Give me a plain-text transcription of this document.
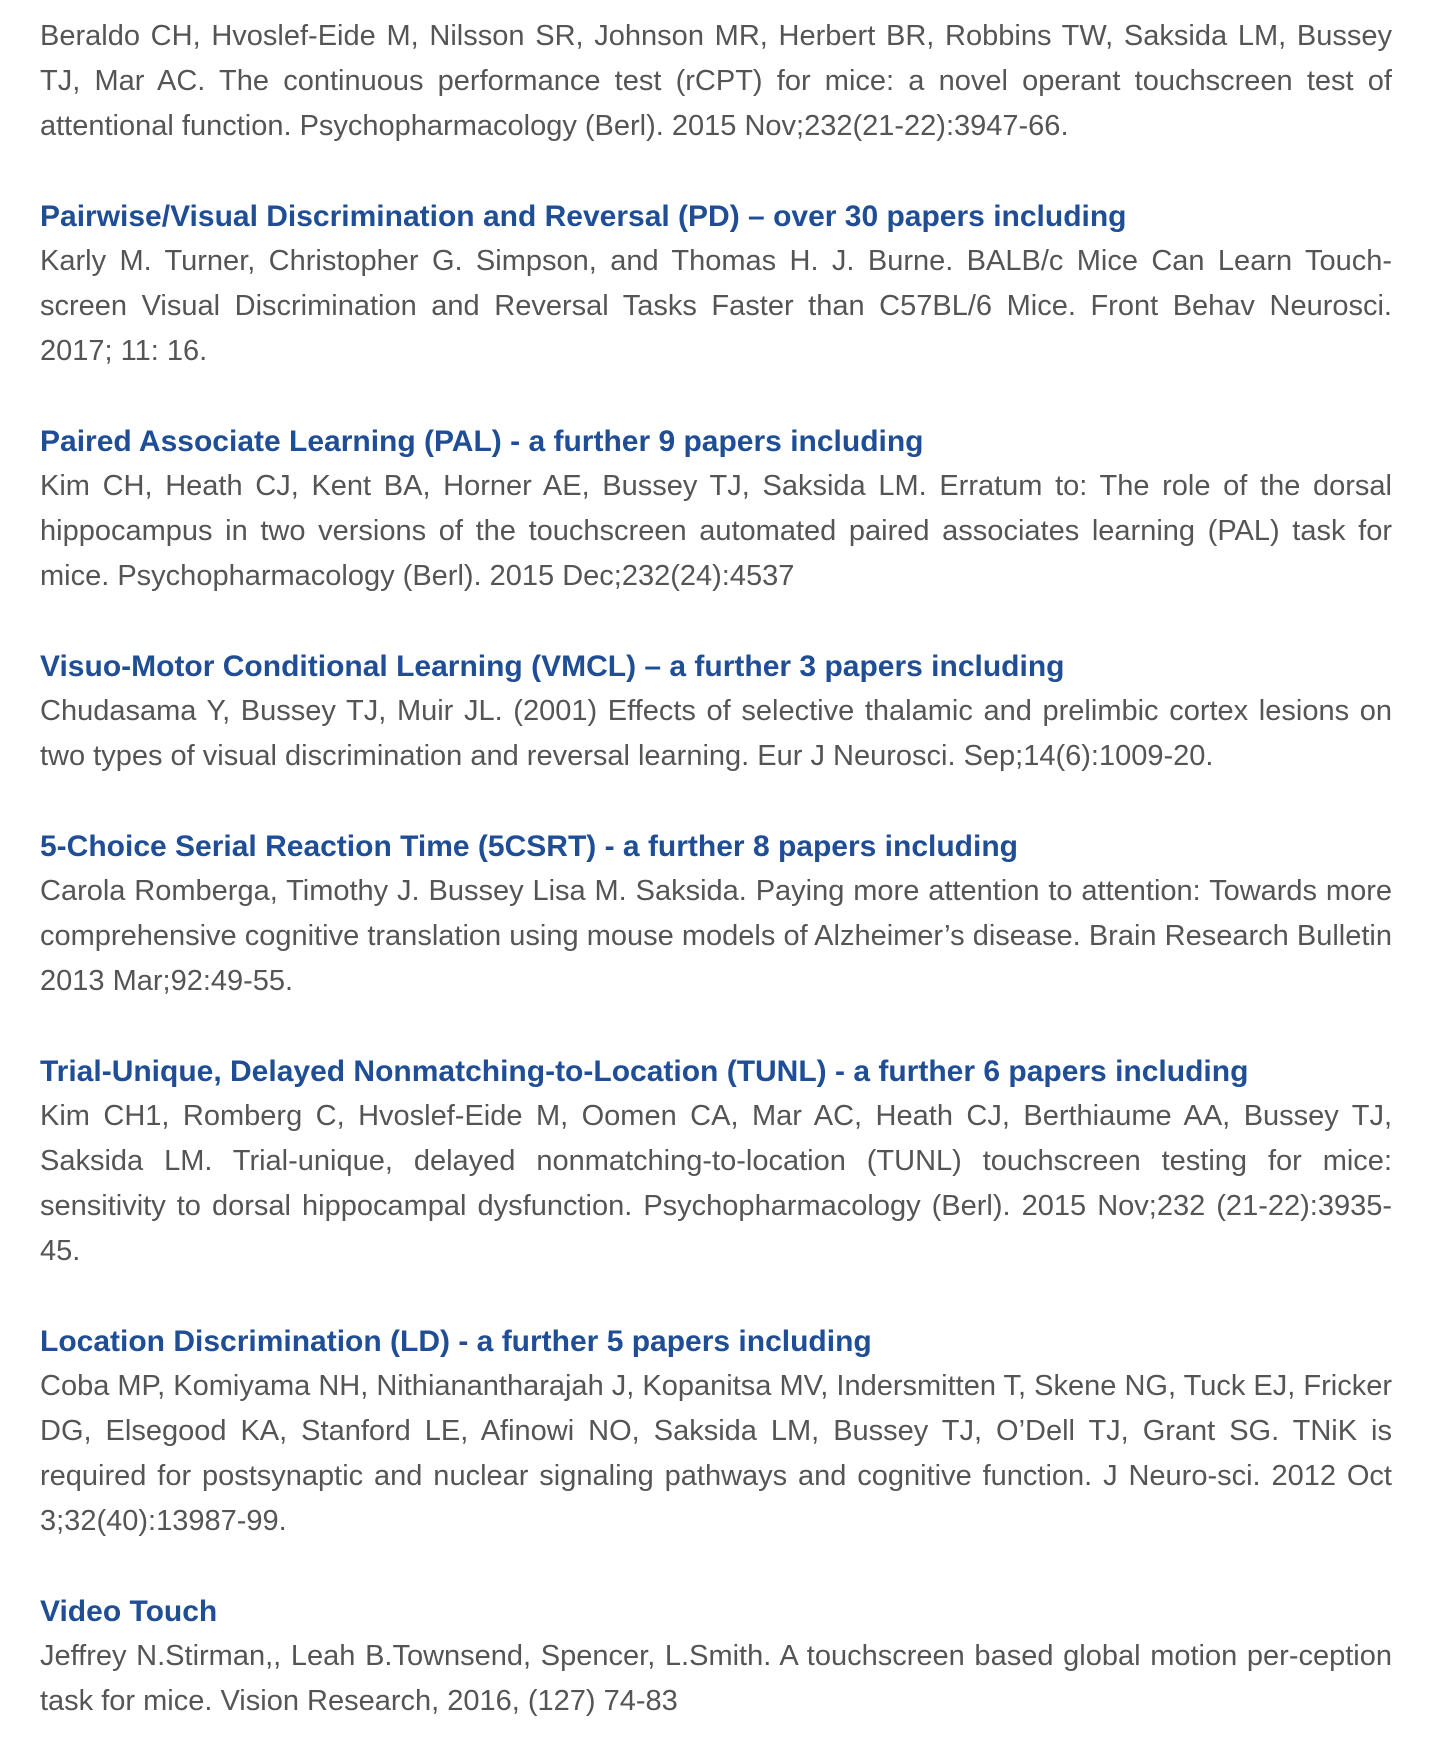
Beraldo CH, Hvoslef-Eide M, Nilsson SR, Johnson MR, Herbert BR, Robbins TW, Saksida LM, Bussey TJ, Mar AC. The continuous performance test (rCPT) for mice: a novel operant touchscreen test of attentional function. Psychopharmacology (Berl). 2015 Nov;232(21-22):3947-66.

Pairwise/Visual Discrimination and Reversal (PD) – over 30 papers including

Karly M. Turner, Christopher G. Simpson, and Thomas H. J. Burne. BALB/c Mice Can Learn Touch-screen Visual Discrimination and Reversal Tasks Faster than C57BL/6 Mice. Front Behav Neurosci. 2017; 11: 16.

Paired Associate Learning (PAL) - a further 9 papers including

Kim CH, Heath CJ, Kent BA, Horner AE, Bussey TJ, Saksida LM. Erratum to: The role of the dorsal hippocampus in two versions of the touchscreen automated paired associates learning (PAL) task for mice. Psychopharmacology (Berl). 2015 Dec;232(24):4537

Visuo-Motor Conditional Learning (VMCL) – a further 3 papers including

Chudasama Y, Bussey TJ, Muir JL. (2001) Effects of selective thalamic and prelimbic cortex lesions on two types of visual discrimination and reversal learning. Eur J Neurosci. Sep;14(6):1009-20.

5-Choice Serial Reaction Time (5CSRT) - a further 8 papers including

Carola Romberga, Timothy J. Bussey Lisa M. Saksida. Paying more attention to attention: Towards more comprehensive cognitive translation using mouse models of Alzheimer’s disease. Brain Research Bulletin 2013 Mar;92:49-55.

Trial-Unique, Delayed Nonmatching-to-Location (TUNL) - a further 6 papers including

Kim CH1, Romberg C, Hvoslef-Eide M, Oomen CA, Mar AC, Heath CJ, Berthiaume AA, Bussey TJ, Saksida LM. Trial-unique, delayed nonmatching-to-location (TUNL) touchscreen testing for mice: sensitivity to dorsal hippocampal dysfunction. Psychopharmacology (Berl). 2015 Nov;232 (21-22):3935-45.

Location Discrimination (LD) - a further 5 papers including

Coba MP, Komiyama NH, Nithianantharajah J, Kopanitsa MV, Indersmitten T, Skene NG, Tuck EJ, Fricker DG, Elsegood KA, Stanford LE, Afinowi NO, Saksida LM, Bussey TJ, O’Dell TJ, Grant SG. TNiK is required for postsynaptic and nuclear signaling pathways and cognitive function. J Neuro-sci. 2012 Oct 3;32(40):13987-99.

Video Touch

Jeffrey N.Stirman,, Leah B.Townsend, Spencer, L.Smith. A touchscreen based global motion per-ception task for mice. Vision Research, 2016, (127) 74-83
